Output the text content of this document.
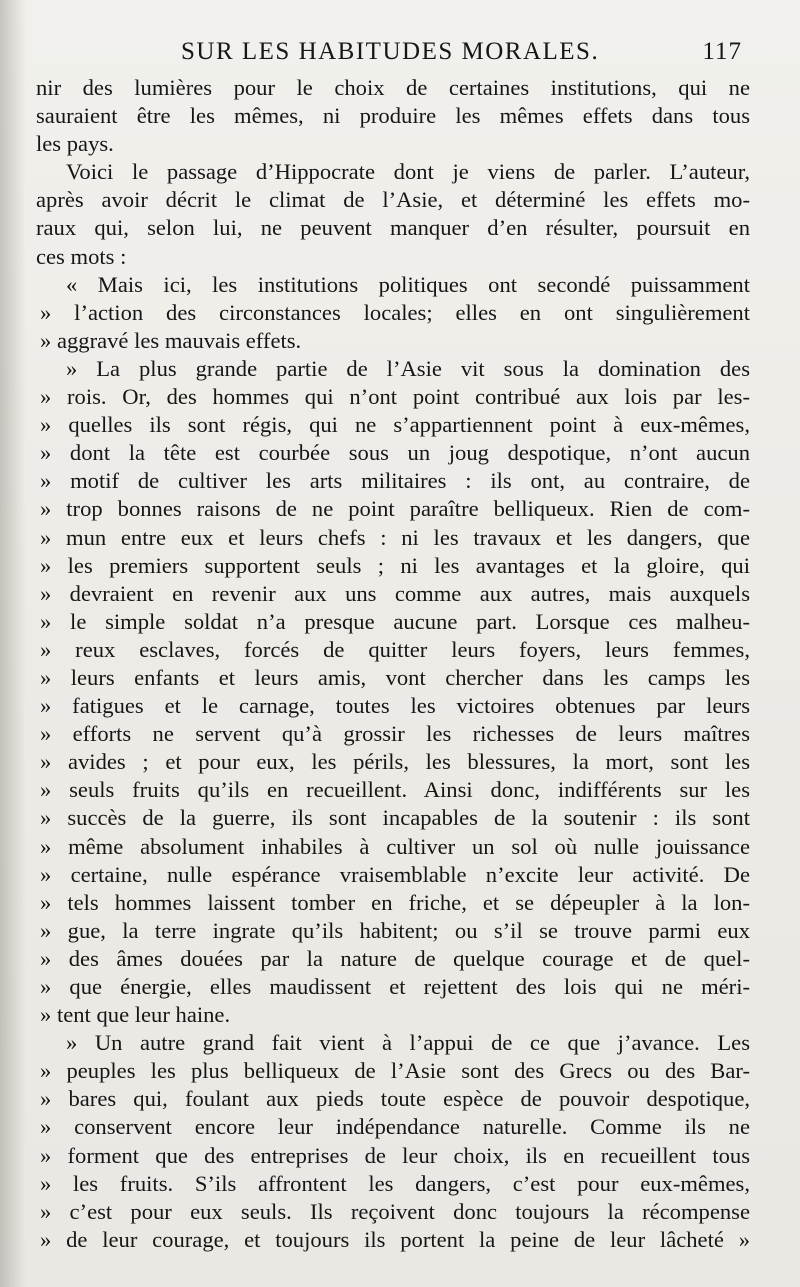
SUR LES HABITUDES MORALES.	117
nir des lumières pour le choix de certaines institutions, qui ne
sauraient être les mêmes, ni produire les mêmes effets dans tous
les pays.
Voici le passage d’Hippocrate dont je viens de parler. L’auteur,
après avoir décrit le climat de l’Asie, et déterminé les effets mo-
raux qui, selon lui, ne peuvent manquer d’en résulter, poursuit en
ces mots :
« Mais ici, les institutions politiques ont secondé puissamment
» l’action des circonstances locales; elles en ont singulièrement
» aggravé les mauvais effets.
» La plus grande partie de l’Asie vit sous la domination des
» rois. Or, des hommes qui n’ont point contribué aux lois par les-
» quelles ils sont régis, qui ne s’appartiennent point à eux-mêmes,
» dont la tête est courbée sous un joug despotique, n’ont aucun
» motif de cultiver les arts militaires : ils ont, au contraire, de
» trop bonnes raisons de ne point paraître belliqueux. Rien de com-
» mun entre eux et leurs chefs : ni les travaux et les dangers, que
» les premiers supportent seuls ; ni les avantages et la gloire, qui
» devraient en revenir aux uns comme aux autres, mais auxquels
» le simple soldat n’a presque aucune part. Lorsque ces malheu-
» reux esclaves, forcés de quitter leurs foyers, leurs femmes,
» leurs enfants et leurs amis, vont chercher dans les camps les
» fatigues et le carnage, toutes les victoires obtenues par leurs
» efforts ne servent qu’à grossir les richesses de leurs maîtres
» avides ; et pour eux, les périls, les blessures, la mort, sont les
» seuls fruits qu’ils en recueillent. Ainsi donc, indifférents sur les
» succès de la guerre, ils sont incapables de la soutenir : ils sont
» même absolument inhabiles à cultiver un sol où nulle jouissance
» certaine, nulle espérance vraisemblable n’excite leur activité. De
» tels hommes laissent tomber en friche, et se dépeupler à la lon-
» gue, la terre ingrate qu’ils habitent; ou s’il se trouve parmi eux
» des âmes douées par la nature de quelque courage et de quel-
» que énergie, elles maudissent et rejettent des lois qui ne méri-
» tent que leur haine.
» Un autre grand fait vient à l’appui de ce que j’avance. Les
» peuples les plus belliqueux de l’Asie sont des Grecs ou des Bar-
» bares qui, foulant aux pieds toute espèce de pouvoir despotique,
» conservent encore leur indépendance naturelle. Comme ils ne
» forment que des entreprises de leur choix, ils en recueillent tous
» les fruits. S’ils affrontent les dangers, c’est pour eux-mêmes,
» c’est pour eux seuls. Ils reçoivent donc toujours la récompense
» de leur courage, et toujours ils portent la peine de leur lâcheté »
